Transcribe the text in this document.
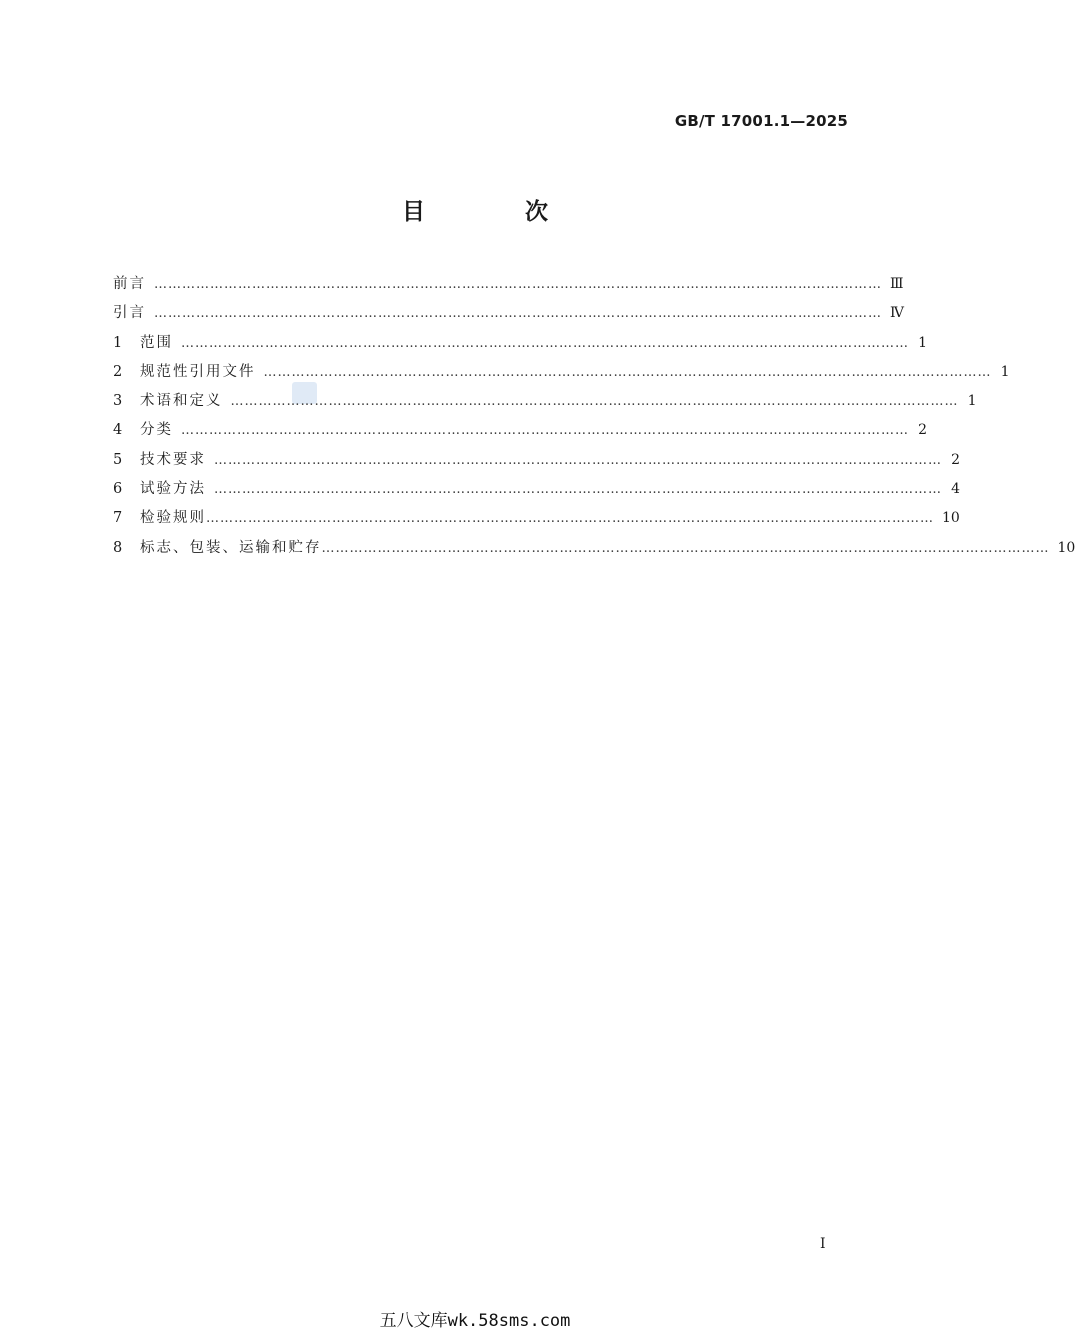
GB/T 17001.1—2025
目 次
前言 ………………………………………………………………………………………………………………………………………… Ⅲ
引言 ………………………………………………………………………………………………………………………………………… Ⅳ
1	范围 ………………………………………………………………………………………………………………………………………… 1
2	规范性引用文件 ………………………………………………………………………………………………………………………………………… 1
3	术语和定义 ………………………………………………………………………………………………………………………………………… 1
4	分类 ………………………………………………………………………………………………………………………………………… 2
5	技术要求 ………………………………………………………………………………………………………………………………………… 2
6	试验方法 ………………………………………………………………………………………………………………………………………… 4
7	检验规则 ………………………………………………………………………………………………………………………………………… 10
8	标志、包装、运输和贮存 ………………………………………………………………………………………………………………………………………… 10
I
五八文库wk.58sms.com
